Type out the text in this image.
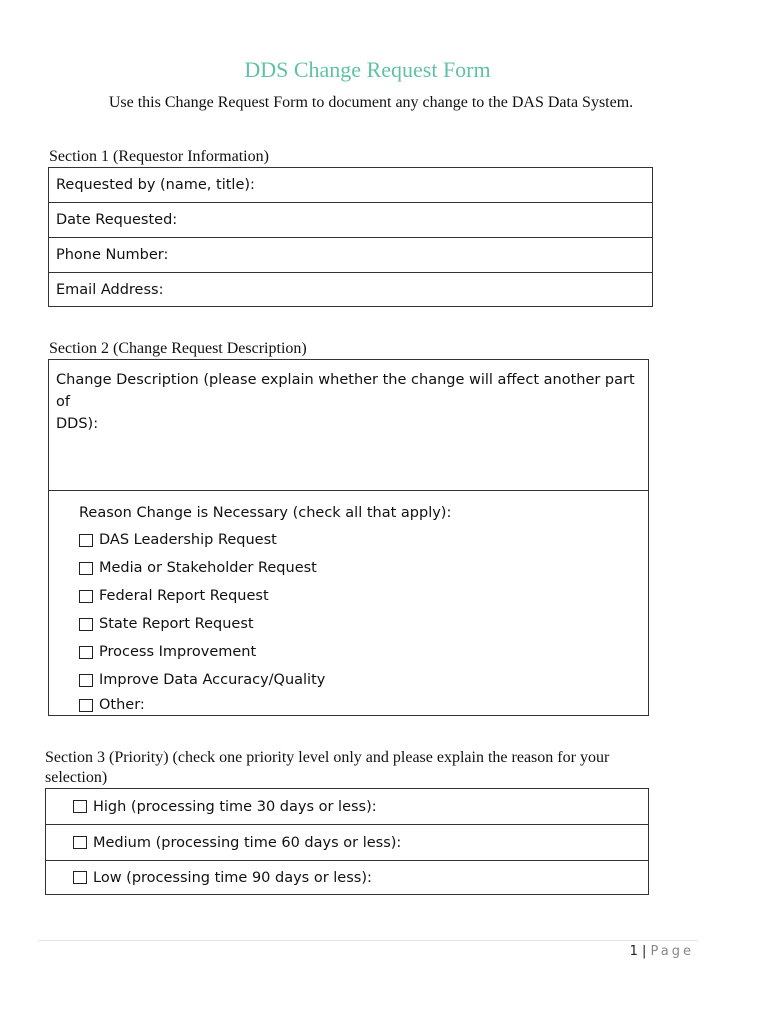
DDS Change Request Form
Use this Change Request Form to document any change to the DAS Data System.
Section 1 (Requestor Information)
Requested by (name, title):
Date Requested:
Phone Number:
Email Address:
Section 2 (Change Request Description)
Change Description (please explain whether the change will affect another part of
DDS):
Reason Change is Necessary (check all that apply):
DAS Leadership Request
Media or Stakeholder Request
Federal Report Request
State Report Request
Process Improvement
Improve Data Accuracy/Quality
Other:
Section 3 (Priority) (check one priority level only and please explain the reason for your
selection)
High (processing time 30 days or less):
Medium (processing time 60 days or less):
Low (processing time 90 days or less):
1 | Page
